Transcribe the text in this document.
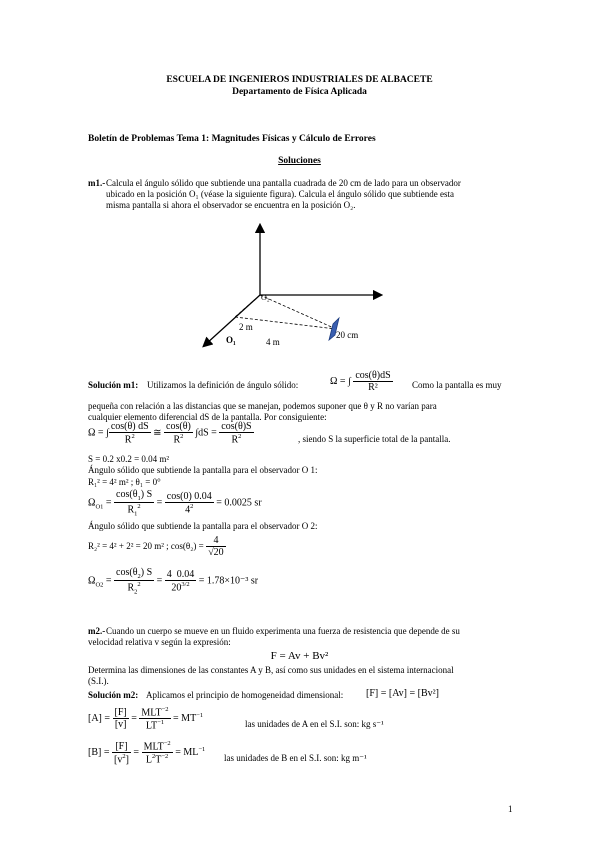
ESCUELA DE INGENIEROS INDUSTRIALES DE ALBACETE
Departamento de Física Aplicada
Boletín de Problemas Tema 1: Magnitudes Físicas y Cálculo de Errores
Soluciones
m1.- Calcula el ángulo sólido que subtiende una pantalla cuadrada de 20 cm de lado para un observador
ubicado en la posición O₁ (véase la siguiente figura). Calcula el ángulo sólido que subtiende esta
misma pantalla si ahora el observador se encuentra en la posición O₂.
O₂
O₁
2 m
4 m
20 cm
Solución m1: Utilizamos la definición de ángulo sólido:	Ω = ∫ $\frac{\cos(\theta)dS}{\text{R²}}$ Como la pantalla es muy
pequeña con relación a las distancias que se manejan, podemos suponer que θ y R no varían para
cualquier elemento diferencial dS de la pantalla. Por consiguiente:
Ω = ∫ $\frac{\cos(\theta) dS}{R^2}$ ≅ $\frac{\cos(\theta)}{R^2} \int dS = \frac{\cos(\theta)S}{R^2}$	, siendo S la superficie total de la pantalla.
S = 0.2 x0.2 = 0.04 m²
Ángulo sólido que subtiende la pantalla para el observador O 1:
R₁² = 4² m² ; θ₁ = 0°
$\Omega_{O1} = \frac{\cos(\theta_1) S}{R_1^2} = \frac{\cos(0) 0.04}{4^2} = 0.0025$ sr
Ángulo sólido que subtiende la pantalla para el observador O 2:
R₂² = 4² + 2² = 20 m² ; $\cos(\theta_2) = \frac{4}{√20}$
$\Omega_{O2} = \frac{\cos(\theta_2) S}{R_2^2} = \frac{4 0.04}{20^{3/2}} = 1.78\times 10^{-3}$ sr
m2.- Cuando un cuerpo se mueve en un fluido experimenta una fuerza de resistencia que depende de su
velocidad relativa v según la expresión:
F = Av + Bv²
Determina las dimensiones de las constantes A y B, así como sus unidades en el sistema internacional
(S.I.).
Solución m2: Aplicamos el principio de homogeneidad dimensional: [F] = [Av] = [Bv²]
$[A] = \frac{[F]}{[v]} = \frac{MLT^{-2}}{LT^{-1}} = MT^{-1}$
las unidades de A en el S.I. son: kg s⁻¹
$[B] = \frac{[F]}{[v^2]} = \frac{MLT^{-2}}{L^2T^{-2}} = ML^{-1}$
las unidades de B en el S.I. son: kg m⁻¹
1
